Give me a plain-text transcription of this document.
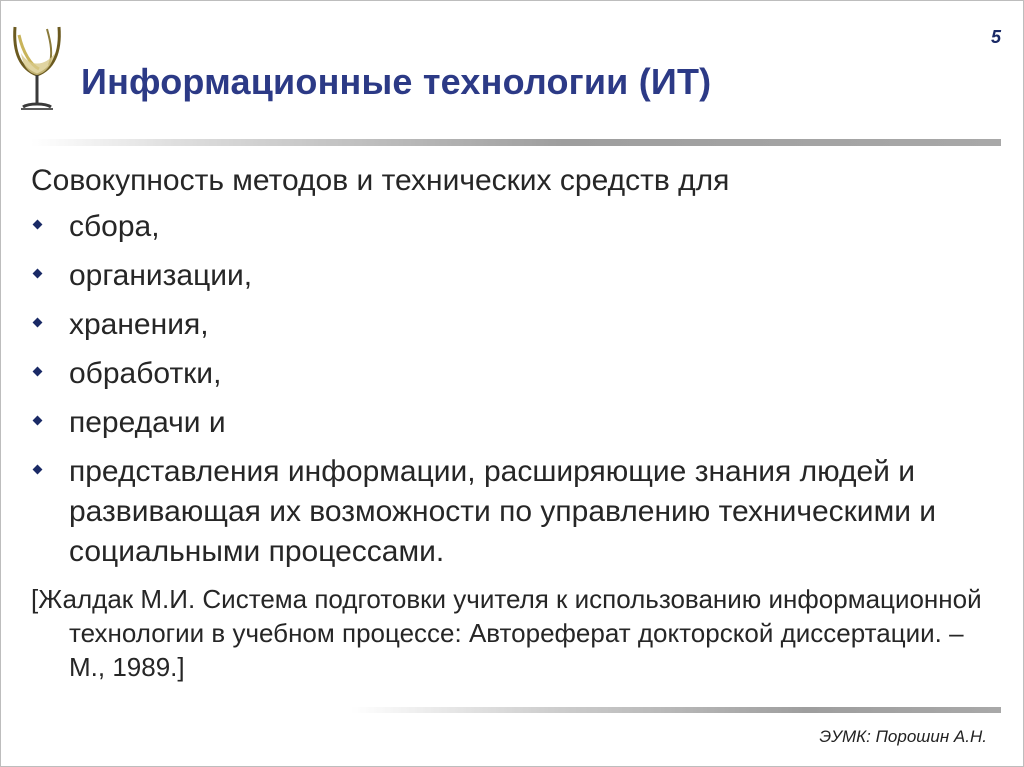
5
Информационные технологии (ИТ)

Совокупность методов и технических средств для

сбора,
организации,
хранения,
обработки,
передачи и
представления информации, расширяющие знания людей и развивающая их возможности по управлению техническими и социальными процессами.
[Жалдак М.И. Система подготовки учителя к использованию информационной технологии в учебном процессе: Автореферат докторской диссертации. – М., 1989.]
ЭУМК: Порошин А.Н.
